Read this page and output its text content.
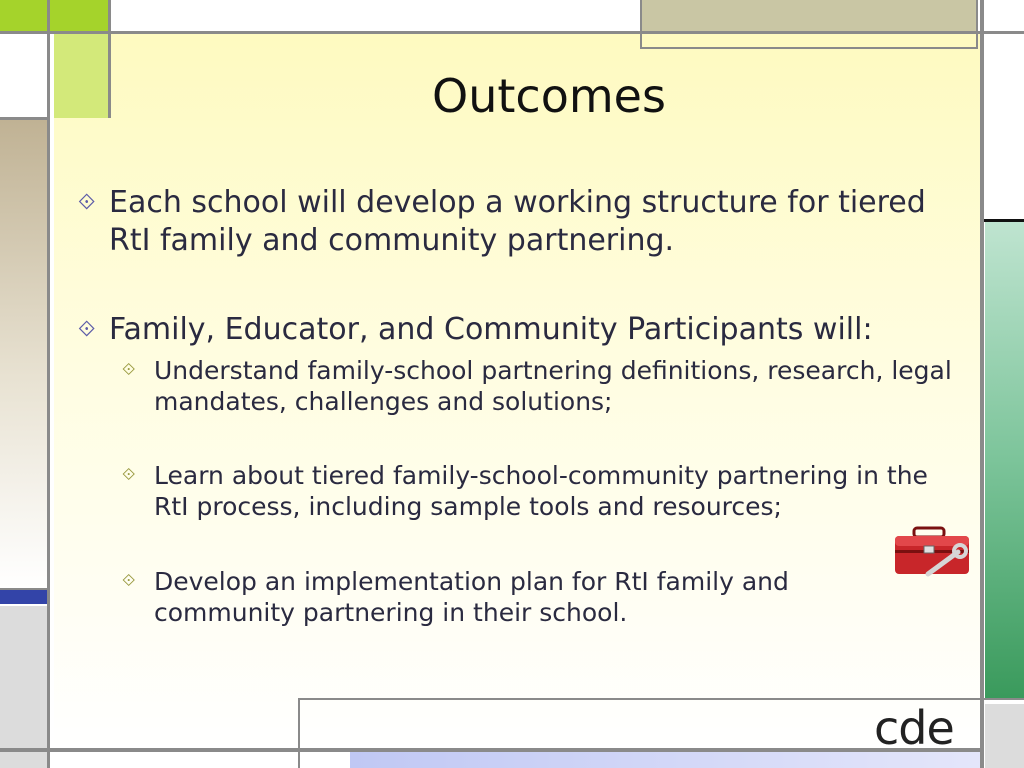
Outcomes
⟐ Each school will develop a working structure for tiered RtI family and community partnering.
⟐ Family, Educator, and Community Participants will:
⟐ Understand family-school partnering definitions, research, legal mandates, challenges and solutions;
⟐ Learn about tiered family-school-community partnering in the RtI process, including sample tools and resources;
⟐ Develop an implementation plan for RtI family and community partnering in their school.
cde
